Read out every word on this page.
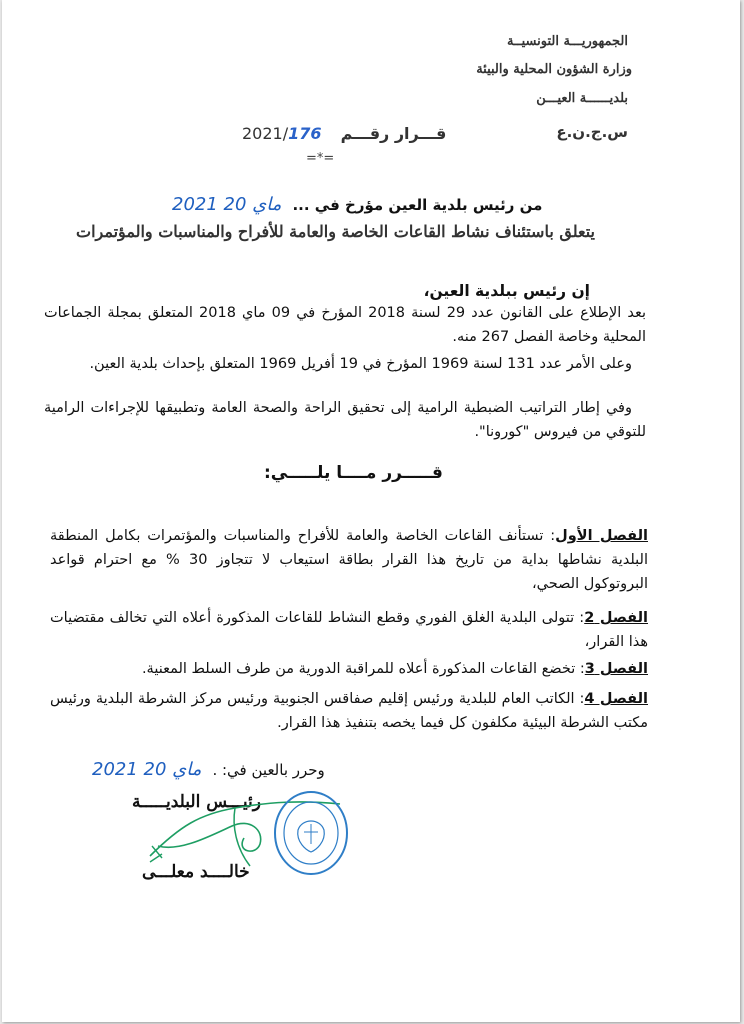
الجمهوريـــة التونسيــة
وزارة الشؤون المحلية والبيئة
بلديــــــة العيـــن
س.ج.ن.ع
2021/176 قـــرار رقـــم
=*=
2021 ماي 20 من رئيس بلدية العين مؤرخ في ...
يتعلق باستئناف نشاط القاعات الخاصة والعامة للأفراح والمناسبات والمؤتمرات
إن رئيس ببلدية العين،
بعد الإطلاع على القانون عدد 29 لسنة 2018 المؤرخ في 09 ماي 2018 المتعلق بمجلة الجماعات المحلية وخاصة الفصل 267 منه.
وعلى الأمر عدد 131 لسنة 1969 المؤرخ في 19 أفريل 1969 المتعلق بإحداث بلدية العين.
وفي إطار التراتيب الضبطية الرامية إلى تحقيق الراحة والصحة العامة وتطبيقها للإجراءات الرامية للتوقي من فيروس "كورونا".
قـــــرر مــــا يلـــــي:
الفصل الأول: تستأنف القاعات الخاصة والعامة للأفراح والمناسبات والمؤتمرات بكامل المنطقة البلدية نشاطها بداية من تاريخ هذا القرار بطاقة استيعاب لا تتجاوز 30 % مع احترام قواعد البروتوكول الصحي،
الفصل 2: تتولى البلدية الغلق الفوري وقطع النشاط للقاعات المذكورة أعلاه التي تخالف مقتضيات هذا القرار،
الفصل 3: تخضع القاعات المذكورة أعلاه للمراقبة الدورية من طرف السلط المعنية.
الفصل 4: الكاتب العام للبلدية ورئيس إقليم صفاقس الجنوبية ورئيس مركز الشرطة البلدية ورئيس مكتب الشرطة البيئية مكلفون كل فيما يخصه بتنفيذ هذا القرار.
2021 ماي 20 وحرر بالعين في: .
رئيـــس البلديـــــة
خالــــد معلـــى
